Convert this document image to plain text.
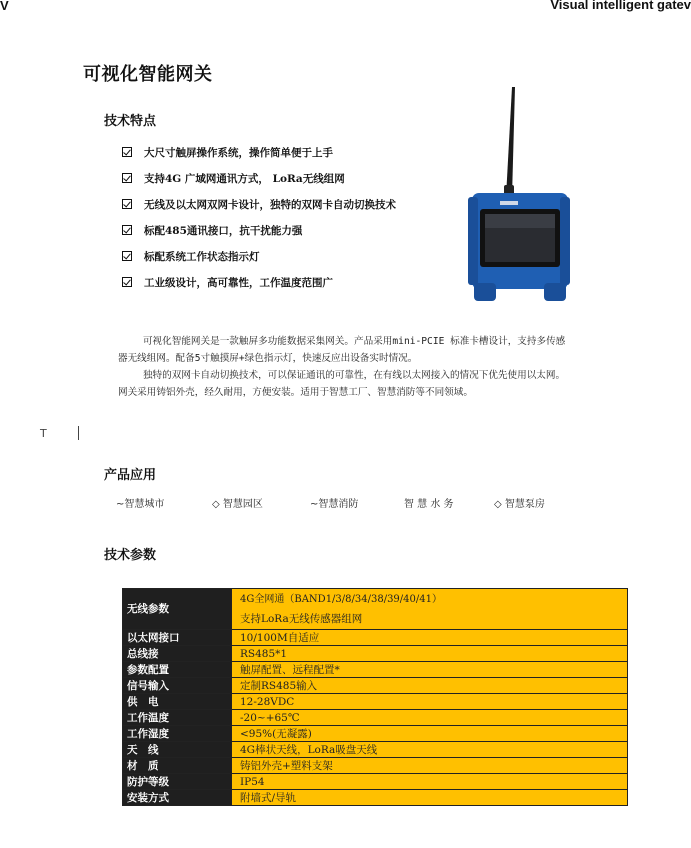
V	Visual intelligent gatev
可视化智能网关
技术特点
大尺寸触屏操作系统，操作简单便于上手
支持4G 广域网通讯方式， LoRa无线组网
无线及以太网双网卡设计，独特的双网卡自动切换技术
标配485通讯接口，抗干扰能力强
标配系统工作状态指示灯
工业级设计，高可靠性，工作温度范围广

可视化智能网关是一款触屏多功能数据采集网关。产品采用mini-PCIE 标准卡槽设计，支持多传感器无线组网。配备5寸触摸屏+绿色指示灯，快速反应出设备实时情况。

独特的双网卡自动切换技术，可以保证通讯的可靠性，在有线以太网接入的情况下优先使用以太网。 网关采用铸铝外壳，经久耐用，方便安装。适用于智慧工厂、智慧消防等不同领域。

T
产品应用
~智慧城市	◇ 智慧园区	~智慧消防	智 慧 水 务	◇ 智慧泵房
技术参数
无线参数	4G全网通（BAND1/3/8/34/38/39/40/41）
支持LoRa无线传感器组网

以太网接口	10/100M自适应
总线接	RS485*1
参数配置	触屏配置、远程配置*
信号输入	定制RS485输入
供　电	12-28VDC
工作温度	-20~+65℃
工作湿度	<95%(无凝露)
天　线	4G棒状天线，LoRa吸盘天线
材　质	铸铝外壳+塑料支架
防护等级	IP54
安装方式	附墙式/导轨
